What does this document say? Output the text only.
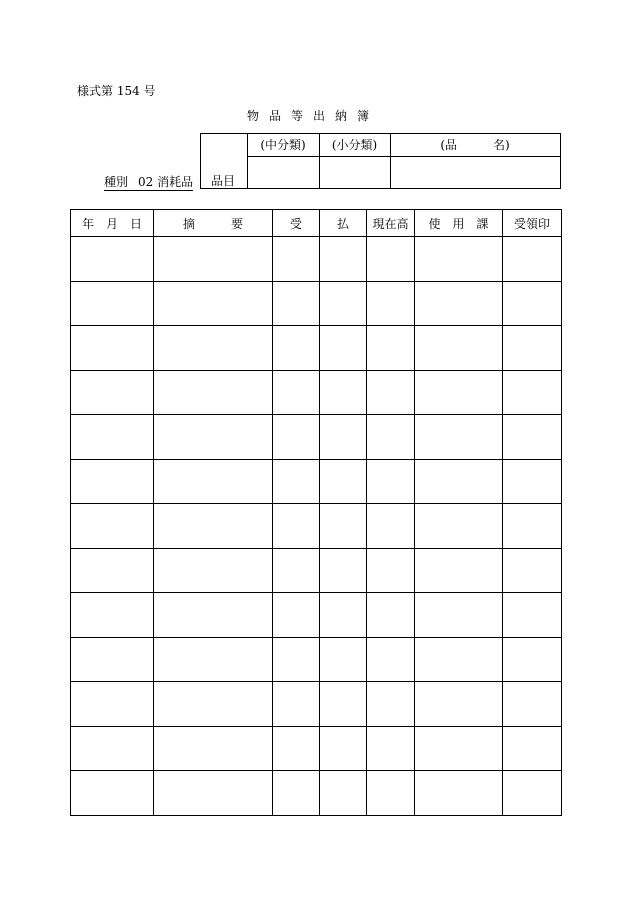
様式第 154 号
物品等出納簿
種別 02 消耗品 品目
(中分類)	(小分類)	(品　　　名)
年　月　日	摘　　　要	受	払	現在高	使　用　課	受領印
